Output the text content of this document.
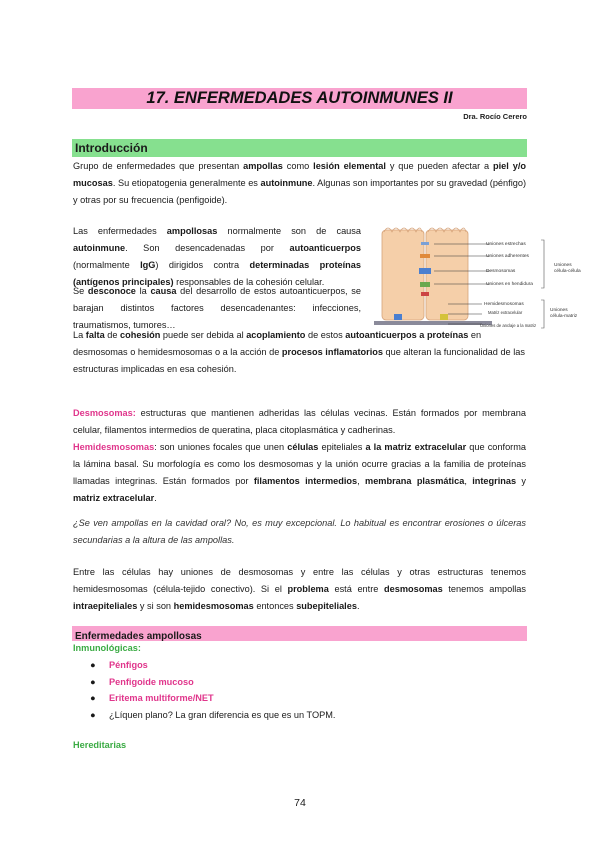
17. ENFERMEDADES AUTOINMUNES II
Dra. Rocío Cerero
Introducción

Grupo de enfermedades que presentan ampollas como lesión elemental y que pueden afectar a piel y/o mucosas. Su etiopatogenia generalmente es autoinmune. Algunas son importantes por su gravedad (pénfigo) y otras por su frecuencia (penfigoide).

Las enfermedades ampollosas normalmente son de causa autoinmune. Son desencadenadas por autoanticuerpos (normalmente IgG) dirigidos contra determinadas proteínas (antígenos principales) responsables de la cohesión celular.

Se desconoce la causa del desarrollo de estos autoanticuerpos, se barajan distintos factores desencadenantes: infecciones, traumatismos, tumores…

La falta de cohesión puede ser debida al acoplamiento de estos autoanticuerpos a proteínas en desmosomas o hemidesmosomas o a la acción de procesos inflamatorios que alteran la funcionalidad de las estructuras implicadas en esa cohesión.

Uniones estrechas
Uniones adherentes
Desmosomas
Uniones en hendidura
Hemidesmosomas
Matriz extracelular
Uniones de anclaje a la matriz
Uniones
célula-célula
Uniones
célula-matriz

Desmosomas: estructuras que mantienen adheridas las células vecinas. Están formados por membrana celular, filamentos intermedios de queratina, placa citoplasmática y cadherinas.

Hemidesmosomas: son uniones focales que unen células epiteliales a la matriz extracelular que conforma la lámina basal. Su morfología es como los desmosomas y la unión ocurre gracias a la familia de proteínas llamadas integrinas. Están formados por filamentos intermedios, membrana plasmática, integrinas y matriz extracelular.

¿Se ven ampollas en la cavidad oral? No, es muy excepcional. Lo habitual es encontrar erosiones o úlceras secundarias a la altura de las ampollas.

Entre las células hay uniones de desmosomas y entre las células y otras estructuras tenemos hemidesmosomas (célula-tejido conectivo). Si el problema está entre desmosomas tenemos ampollas intraepiteliales y si son hemidesmosomas entonces subepiteliales.

Enfermedades ampollosas
Inmunológicas:
● Pénfigos
● Penfigoide mucoso
● Eritema multiforme/NET
● ¿Líquen plano? La gran diferencia es que es un TOPM.
Hereditarias
74
